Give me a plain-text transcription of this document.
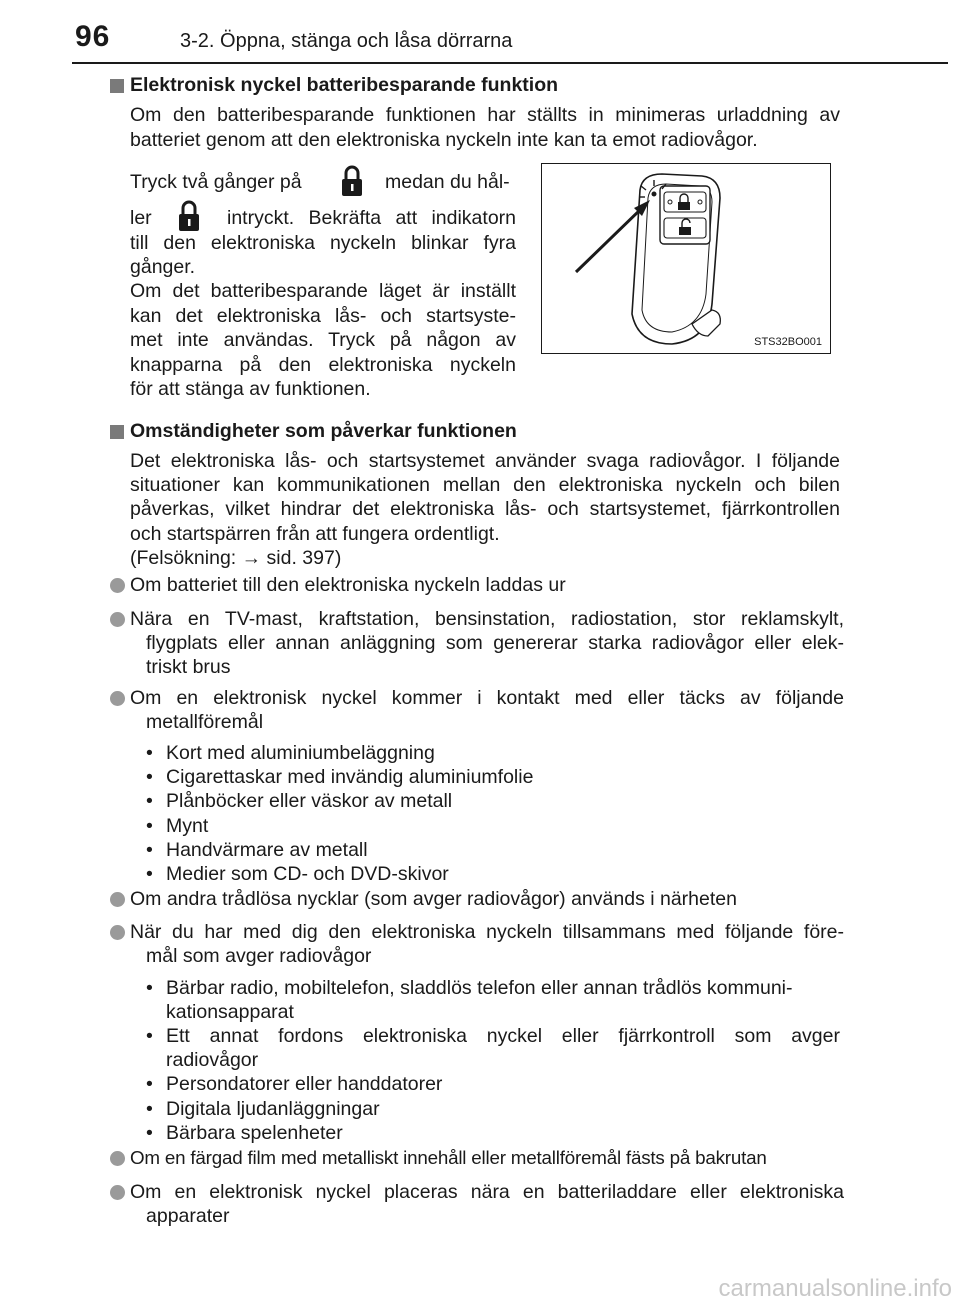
96	3-2. Öppna, stänga och låsa dörrarna
Elektronisk nyckel batteribesparande funktion
Om den batteribesparande funktionen har ställts in minimeras urladdning av
batteriet genom att den elektroniska nyckeln inte kan ta emot radiovågor.
Tryck två gånger på	medan du hål-
ler	intryckt. Bekräfta att indikatorn
till den elektroniska nyckeln blinkar fyra
gånger.
Om det batteribesparande läget är inställt
kan det elektroniska lås- och startsyste-
met inte användas. Tryck på någon av
knapparna på den elektroniska nyckeln
för att stänga av funktionen.
STS32BO001
Omständigheter som påverkar funktionen
Det elektroniska lås- och startsystemet använder svaga radiovågor. I följande
situationer kan kommunikationen mellan den elektroniska nyckeln och bilen
påverkas, vilket hindrar det elektroniska lås- och startsystemet, fjärrkontrollen
och startspärren från att fungera ordentligt.
(Felsökning: → sid. 397)
Om batteriet till den elektroniska nyckeln laddas ur
Nära en TV-mast, kraftstation, bensinstation, radiostation, stor reklamskylt,
flygplats eller annan anläggning som genererar starka radiovågor eller elek-
triskt brus
Om en elektronisk nyckel kommer i kontakt med eller täcks av följande
metallföremål
• Kort med aluminiumbeläggning
• Cigarettaskar med invändig aluminiumfolie
• Plånböcker eller väskor av metall
• Mynt
• Handvärmare av metall
• Medier som CD- och DVD-skivor
Om andra trådlösa nycklar (som avger radiovågor) används i närheten
När du har med dig den elektroniska nyckeln tillsammans med följande före-
mål som avger radiovågor
• Bärbar radio, mobiltelefon, sladdlös telefon eller annan trådlös kommuni-
kationsapparat
• Ett annat fordons elektroniska nyckel eller fjärrkontroll som avger
radiovågor
• Persondatorer eller handdatorer
• Digitala ljudanläggningar
• Bärbara spelenheter
Om en färgad film med metalliskt innehåll eller metallföremål fästs på bakrutan
Om en elektronisk nyckel placeras nära en batteriladdare eller elektroniska
apparater
carmanualsonline.info
